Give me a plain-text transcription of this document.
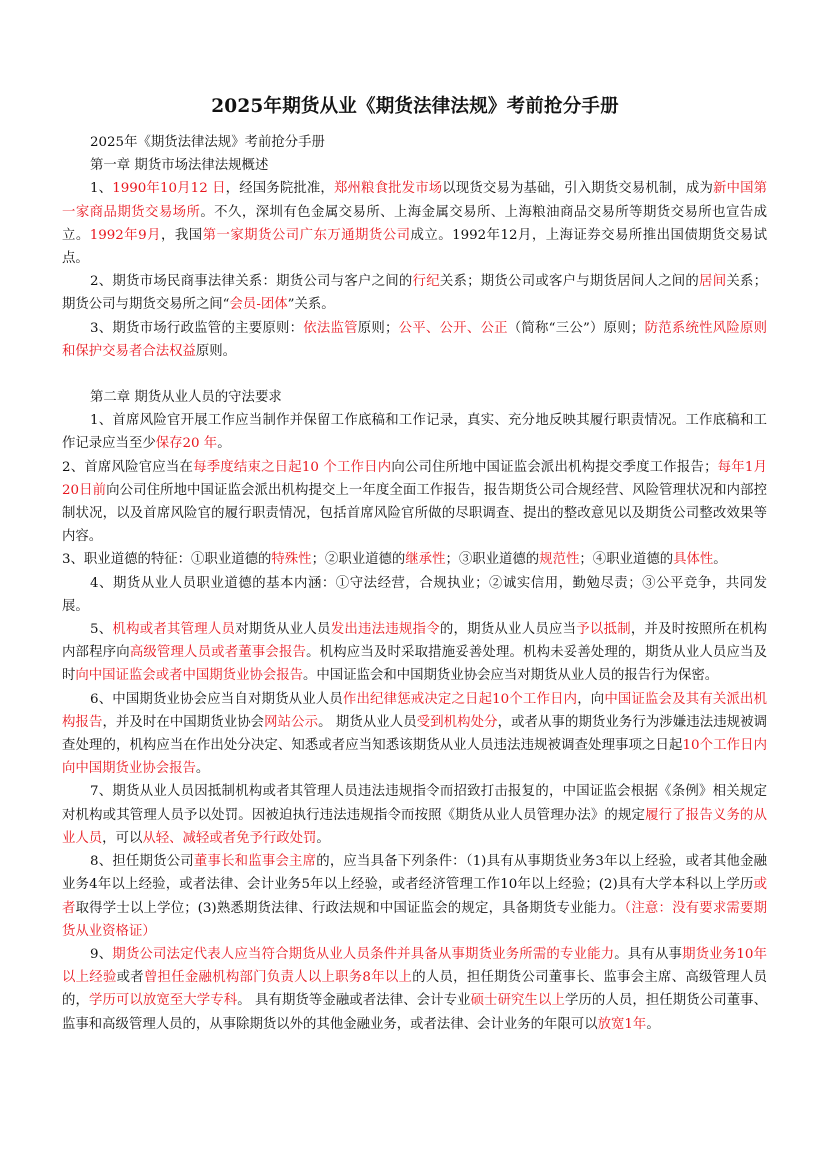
2025年期货从业《期货法律法规》考前抢分手册

2025年《期货法律法规》考前抢分手册

第一章 期货市场法律法规概述

1、1990年10月12 日，经国务院批准，郑州粮食批发市场以现货交易为基础，引入期货交易机制，成为新中国第一家商品期货交易场所。不久，深圳有色金属交易所、上海金属交易所、上海粮油商品交易所等期货交易所也宣告成立。1992年9月，我国第一家期货公司广东万通期货公司成立。1992年12月，上海证券交易所推出国债期货交易试点。

2、期货市场民商事法律关系：期货公司与客户之间的行纪关系；期货公司或客户与期货居间人之间的居间关系；期货公司与期货交易所之间“会员-团体”关系。

3、期货市场行政监管的主要原则：依法监管原则；公平、公开、公正（简称“三公”）原则；防范系统性风险原则和保护交易者合法权益原则。

第二章 期货从业人员的守法要求

1、首席风险官开展工作应当制作并保留工作底稿和工作记录，真实、充分地反映其履行职责情况。工作底稿和工作记录应当至少保存20 年。

2、首席风险官应当在每季度结束之日起10 个工作日内向公司住所地中国证监会派出机构提交季度工作报告；每年1月20日前向公司住所地中国证监会派出机构提交上一年度全面工作报告，报告期货公司合规经营、风险管理状况和内部控制状况，以及首席风险官的履行职责情况，包括首席风险官所做的尽职调查、提出的整改意见以及期货公司整改效果等内容。

3、职业道德的特征：①职业道德的特殊性；②职业道德的继承性；③职业道德的规范性；④职业道德的具体性。

4、期货从业人员职业道德的基本内涵：①守法经营，合规执业；②诚实信用，勤勉尽责；③公平竞争，共同发展。

5、机构或者其管理人员对期货从业人员发出违法违规指令的，期货从业人员应当予以抵制，并及时按照所在机构内部程序向高级管理人员或者董事会报告。机构应当及时采取措施妥善处理。机构未妥善处理的，期货从业人员应当及时向中国证监会或者中国期货业协会报告。中国证监会和中国期货业协会应当对期货从业人员的报告行为保密。

6、中国期货业协会应当自对期货从业人员作出纪律惩戒决定之日起10个工作日内，向中国证监会及其有关派出机构报告，并及时在中国期货业协会网站公示。 期货从业人员受到机构处分，或者从事的期货业务行为涉嫌违法违规被调查处理的，机构应当在作出处分决定、知悉或者应当知悉该期货从业人员违法违规被调查处理事项之日起10个工作日内向中国期货业协会报告。

7、期货从业人员因抵制机构或者其管理人员违法违规指令而招致打击报复的，中国证监会根据《条例》相关规定对机构或其管理人员予以处罚。因被迫执行违法违规指令而按照《期货从业人员管理办法》的规定履行了报告义务的从业人员，可以从轻、减轻或者免予行政处罚。

8、担任期货公司董事长和监事会主席的，应当具备下列条件：（1)具有从事期货业务3年以上经验，或者其他金融业务4年以上经验，或者法律、会计业务5年以上经验，或者经济管理工作10年以上经验；(2)具有大学本科以上学历或者取得学士以上学位；(3)熟悉期货法律、行政法规和中国证监会的规定，具备期货专业能力。（注意：没有要求需要期货从业资格证）

9、期货公司法定代表人应当符合期货从业人员条件并具备从事期货业务所需的专业能力。具有从事期货业务10年以上经验或者曾担任金融机构部门负责人以上职务8年以上的人员，担任期货公司董事长、监事会主席、高级管理人员的，学历可以放宽至大学专科。 具有期货等金融或者法律、会计专业硕士研究生以上学历的人员，担任期货公司董事、监事和高级管理人员的，从事除期货以外的其他金融业务，或者法律、会计业务的年限可以放宽1年。
